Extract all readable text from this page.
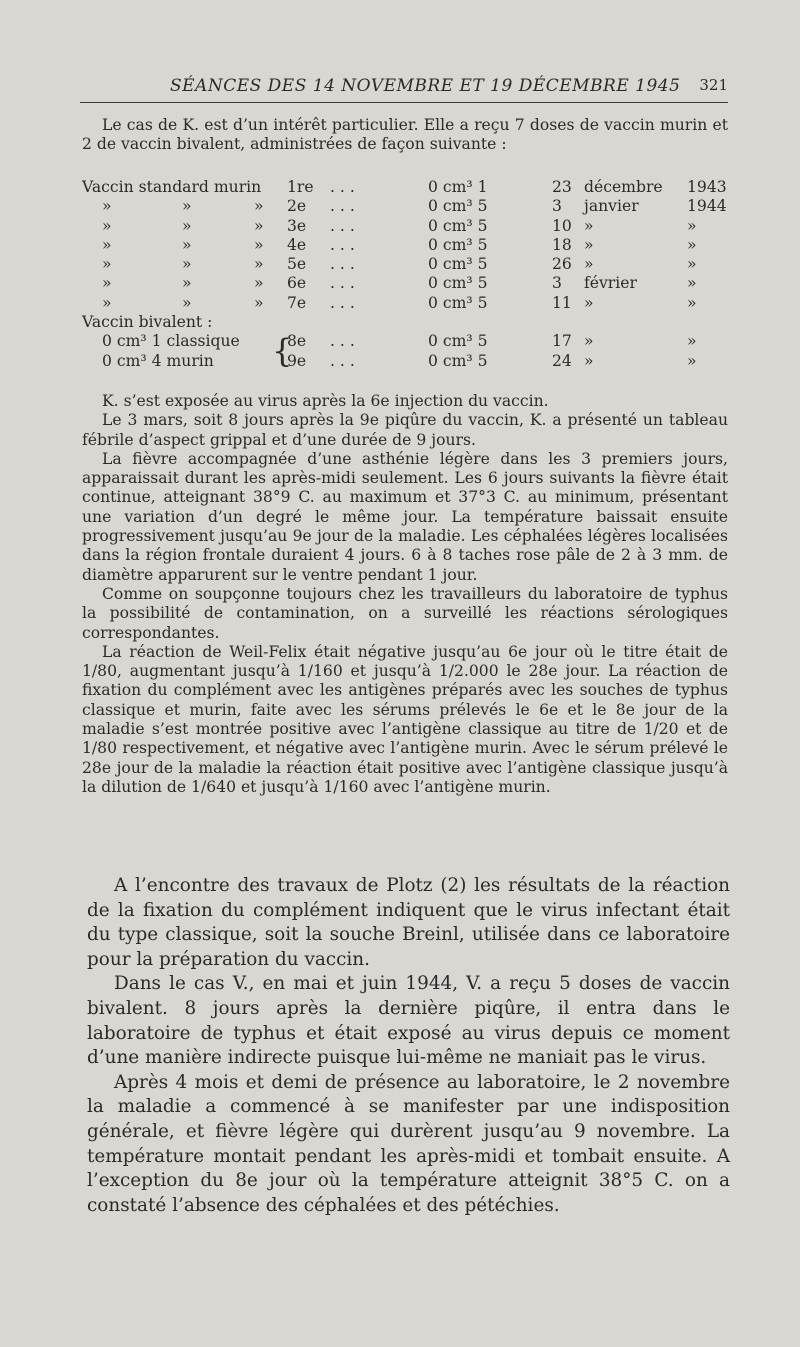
SÉANCES DES 14 NOVEMBRE ET 19 DÉCEMBRE 1945 321

Le cas de K. est d’un intérêt particulier. Elle a reçu 7 doses de vaccin murin et 2 de vaccin bivalent, administrées de façon suivante :

Vaccin standard murin 1re . . .	0 cm³ 1	23 décembre 1943
»	»	» 2e . . .	0 cm³ 5	3 janvier	1944
»	»	» 3e . . .	0 cm³ 5	10 »	»
»	»	» 4e . . .	0 cm³ 5	18 »	»
»	»	» 5e . . .	0 cm³ 5	26 »	»
»	»	» 6e . . .	0 cm³ 5	3 février	»
»	»	» 7e . . .	0 cm³ 5	11 »	»
Vaccin bivalent :
{
0 cm³ 1 classique	8e . . .	0 cm³ 5	17 »	»
0 cm³ 4 murin	9e . . .	0 cm³ 5	24 »	»

K. s’est exposée au virus après la 6e injection du vaccin.

Le 3 mars, soit 8 jours après la 9e piqûre du vaccin, K. a présenté un tableau fébrile d’aspect grippal et d’une durée de 9 jours.

La fièvre accompagnée d’une asthénie légère dans les 3 premiers jours, apparaissait durant les après-midi seulement. Les 6 jours suivants la fièvre était continue, atteignant 38°9 C. au maximum et 37°3 C. au minimum, présentant une variation d’un degré le même jour. La température baissait ensuite progressivement jusqu’au 9e jour de la maladie. Les céphalées légères localisées dans la région frontale duraient 4 jours. 6 à 8 taches rose pâle de 2 à 3 mm. de diamètre apparurent sur le ventre pendant 1 jour.

Comme on soupçonne toujours chez les travailleurs du laboratoire de typhus la possibilité de contamination, on a surveillé les réactions sérologiques correspondantes.

La réaction de Weil-Felix était négative jusqu’au 6e jour où le titre était de 1/80, augmentant jusqu’à 1/160 et jusqu’à 1/2.000 le 28e jour. La réaction de fixation du complément avec les antigènes préparés avec les souches de typhus classique et murin, faite avec les sérums prélevés le 6e et le 8e jour de la maladie s’est montrée positive avec l’antigène classique au titre de 1/20 et de 1/80 respectivement, et négative avec l’antigène murin. Avec le sérum prélevé le 28e jour de la maladie la réaction était positive avec l’antigène classique jusqu’à la dilution de 1/640 et jusqu’à 1/160 avec l’antigène murin.

A l’encontre des travaux de Plotz (2) les résultats de la réaction de la fixation du complément indiquent que le virus infectant était du type classique, soit la souche Breinl, utilisée dans ce laboratoire pour la préparation du vaccin.

Dans le cas V., en mai et juin 1944, V. a reçu 5 doses de vaccin bivalent. 8 jours après la dernière piqûre, il entra dans le laboratoire de typhus et était exposé au virus depuis ce moment d’une manière indirecte puisque lui-même ne maniait pas le virus.

Après 4 mois et demi de présence au laboratoire, le 2 novembre la maladie a commencé à se manifester par une indisposition générale, et fièvre légère qui durèrent jusqu’au 9 novembre. La température montait pendant les après-midi et tombait ensuite. A l’exception du 8e jour où la température atteignit 38°5 C. on a constaté l’absence des céphalées et des pétéchies.
